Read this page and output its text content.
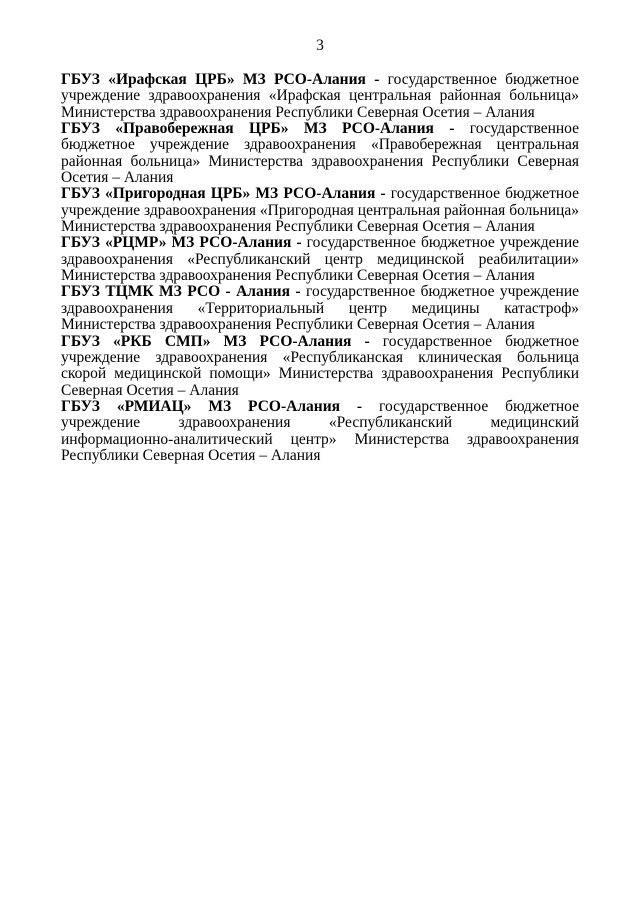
3

ГБУЗ «Ирафская ЦРБ» МЗ РСО-Алания - государственное бюджетное учреждение здравоохранения «Ирафская центральная районная больница» Министерства здравоохранения Республики Северная Осетия – Алания

ГБУЗ «Правобережная ЦРБ» МЗ РСО-Алания - государственное бюджетное учреждение здравоохранения «Правобережная центральная районная больница» Министерства здравоохранения Республики Северная Осетия – Алания

ГБУЗ «Пригородная ЦРБ» МЗ РСО-Алания - государственное бюджетное учреждение здравоохранения «Пригородная центральная районная больница» Министерства здравоохранения Республики Северная Осетия – Алания

ГБУЗ «РЦМР» МЗ РСО-Алания - государственное бюджетное учреждение здравоохранения «Республиканский центр медицинской реабилитации» Министерства здравоохранения Республики Северная Осетия – Алания

ГБУЗ ТЦМК МЗ РСО - Алания - государственное бюджетное учреждение здравоохранения «Территориальный центр медицины катастроф» Министерства здравоохранения Республики Северная Осетия – Алания

ГБУЗ «РКБ СМП» МЗ РСО-Алания - государственное бюджетное учреждение здравоохранения «Республиканская клиническая больница скорой медицинской помощи» Министерства здравоохранения Республики Северная Осетия – Алания

ГБУЗ «РМИАЦ» МЗ РСО-Алания - государственное бюджетное учреждение здравоохранения «Республиканский медицинский информационно-аналитический центр» Министерства здравоохранения Республики Северная Осетия – Алания
